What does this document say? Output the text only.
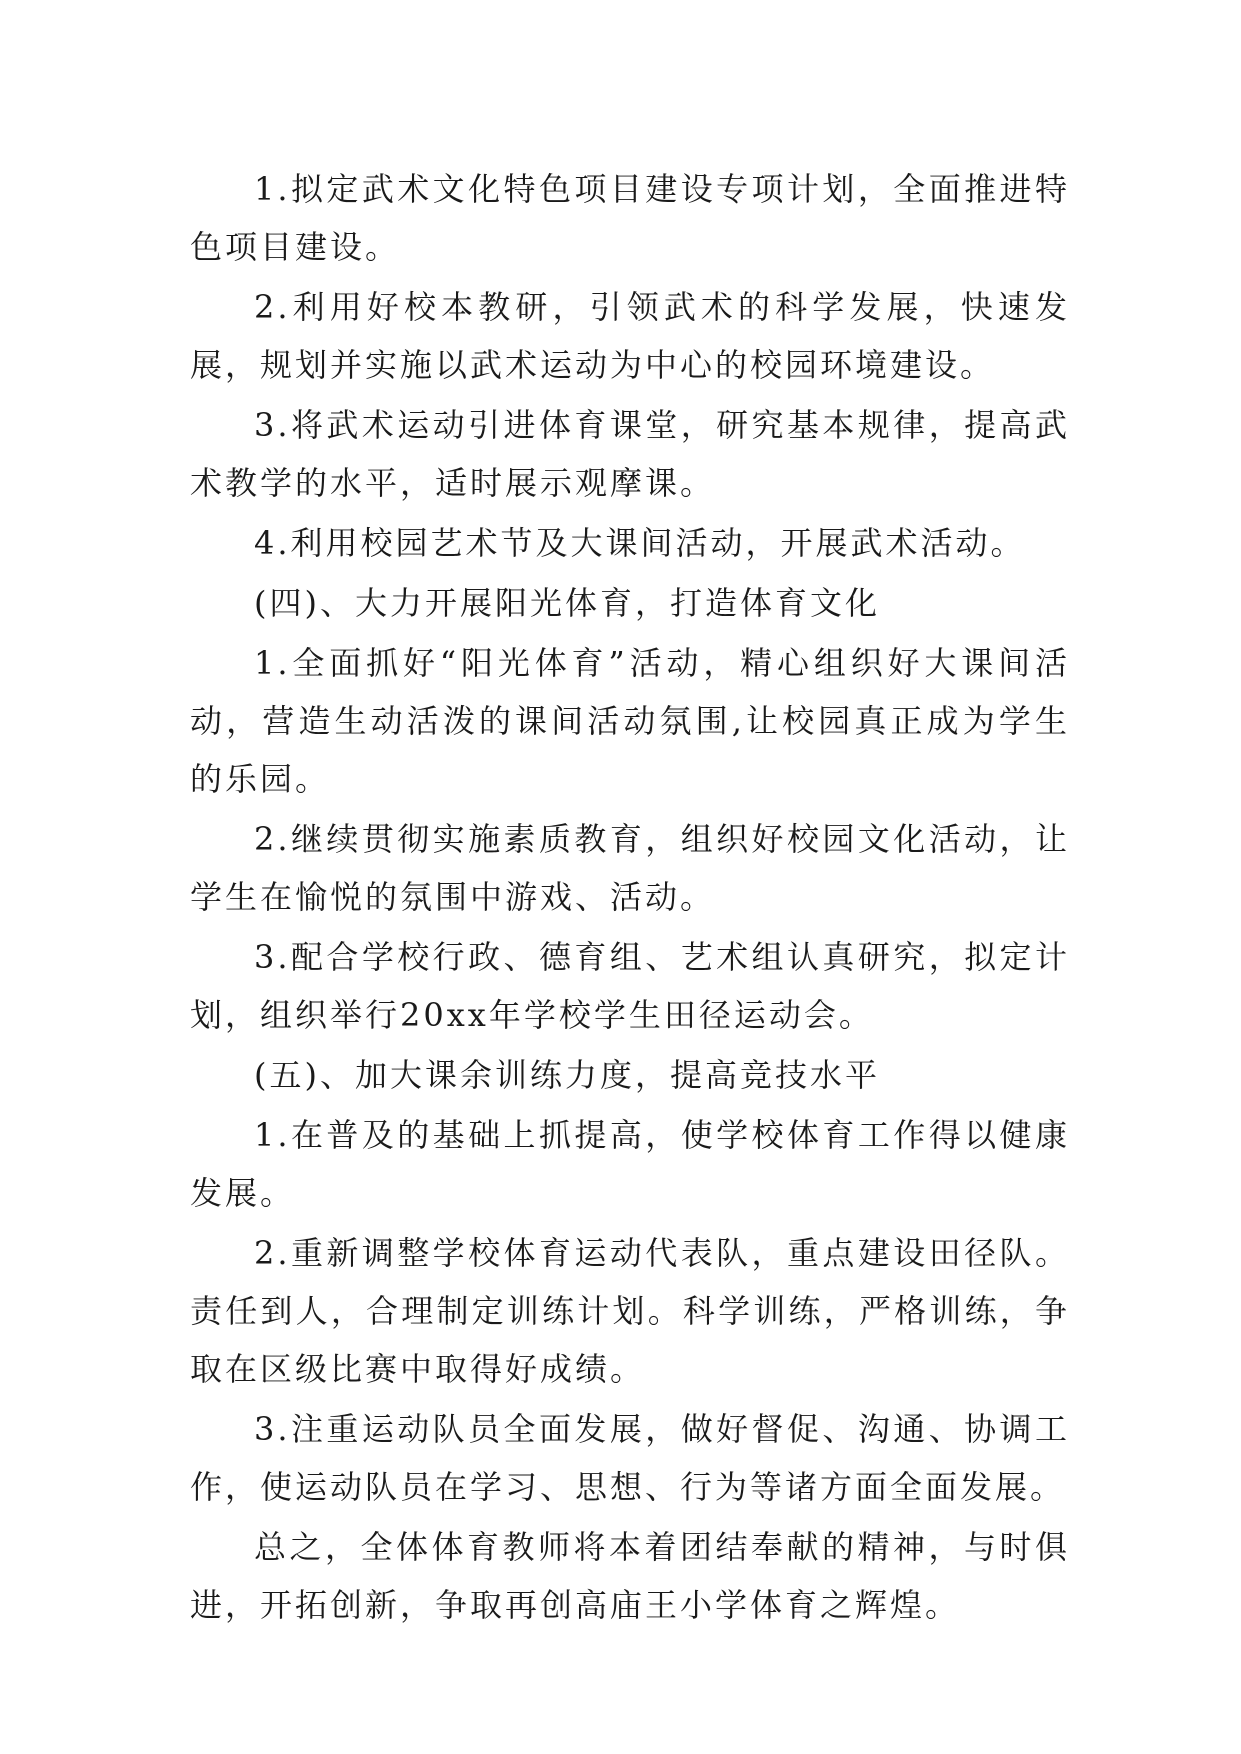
1.拟定武术文化特色项目建设专项计划，全面推进特色项目建设。

2.利用好校本教研，引领武术的科学发展，快速发展，规划并实施以武术运动为中心的校园环境建设。

3.将武术运动引进体育课堂，研究基本规律，提高武术教学的水平，适时展示观摩课。

4.利用校园艺术节及大课间活动，开展武术活动。

(四)、大力开展阳光体育，打造体育文化

1.全面抓好“阳光体育”活动，精心组织好大课间活动，营造生动活泼的课间活动氛围,让校园真正成为学生的乐园。

2.继续贯彻实施素质教育，组织好校园文化活动，让学生在愉悦的氛围中游戏、活动。

3.配合学校行政、德育组、艺术组认真研究，拟定计划，组织举行20xx年学校学生田径运动会。

(五)、加大课余训练力度，提高竞技水平

1.在普及的基础上抓提高，使学校体育工作得以健康发展。

2.重新调整学校体育运动代表队，重点建设田径队。责任到人，合理制定训练计划。科学训练，严格训练，争取在区级比赛中取得好成绩。

3.注重运动队员全面发展，做好督促、沟通、协调工作，使运动队员在学习、思想、行为等诸方面全面发展。

总之，全体体育教师将本着团结奉献的精神，与时俱进，开拓创新，争取再创高庙王小学体育之辉煌。
